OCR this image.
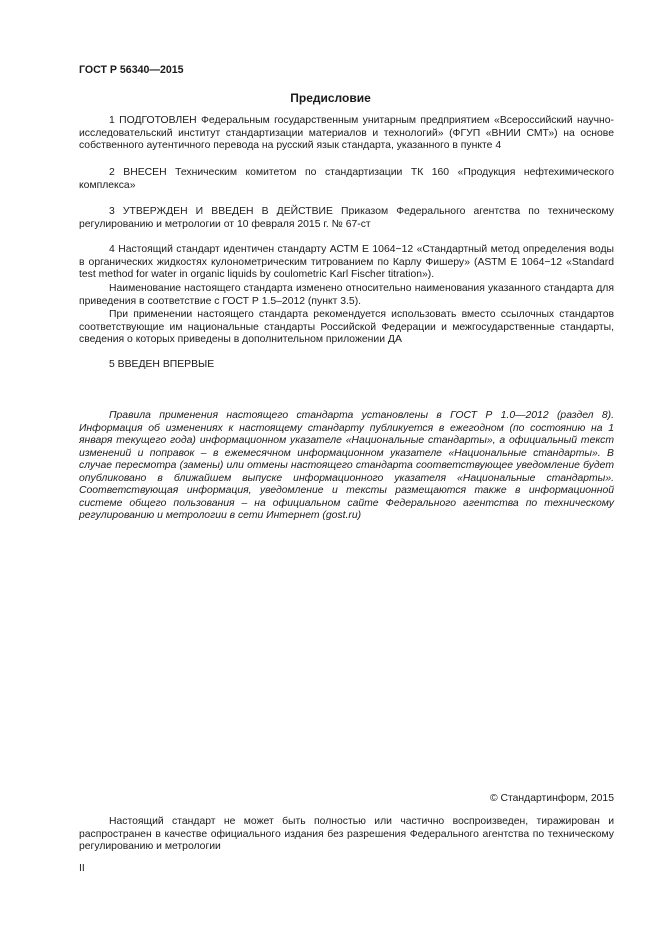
ГОСТ Р 56340—2015
Предисловие

1 ПОДГОТОВЛЕН Федеральным государственным унитарным предприятием «Всероссийский научно-исследовательский институт стандартизации материалов и технологий» (ФГУП «ВНИИ СМТ») на основе собственного аутентичного перевода на русский язык стандарта, указанного в пункте 4

2 ВНЕСЕН Техническим комитетом по стандартизации ТК 160 «Продукция нефтехимического комплекса»

3 УТВЕРЖДЕН И ВВЕДЕН В ДЕЙСТВИЕ Приказом Федерального агентства по техническому регулированию и метрологии от 10 февраля 2015 г. № 67-ст

4 Настоящий стандарт идентичен стандарту АСТМ Е 1064−12 «Стандартный метод определения воды в органических жидкостях кулонометрическим титрованием по Карлу Фишеру» (ASTM E 1064−12 «Standard test method for water in organic liquids by coulometric Karl Fischer titration»).

Наименование настоящего стандарта изменено относительно наименования указанного стандарта для приведения в соответствие с ГОСТ Р 1.5–2012 (пункт 3.5).

При применении настоящего стандарта рекомендуется использовать вместо ссылочных стандартов соответствующие им национальные стандарты Российской Федерации и межгосударственные стандарты, сведения о которых приведены в дополнительном приложении ДА

5 ВВЕДЕН ВПЕРВЫЕ

Правила применения настоящего стандарта установлены в ГОСТ Р 1.0—2012 (раздел 8). Информация об изменениях к настоящему стандарту публикуется в ежегодном (по состоянию на 1 января текущего года) информационном указателе «Национальные стандарты», а официальный текст изменений и поправок – в ежемесячном информационном указателе «Национальные стандарты». В случае пересмотра (замены) или отмены настоящего стандарта соответствующее уведомление будет опубликовано в ближайшем выпуске информационного указателя «Национальные стандарты». Соответствующая информация, уведомление и тексты размещаются также в информационной системе общего пользования – на официальном сайте Федерального агентства по техническому регулированию и метрологии в сети Интернет (gost.ru)

© Стандартинформ, 2015

Настоящий стандарт не может быть полностью или частично воспроизведен, тиражирован и распространен в качестве официального издания без разрешения Федерального агентства по техническому регулированию и метрологии

II
